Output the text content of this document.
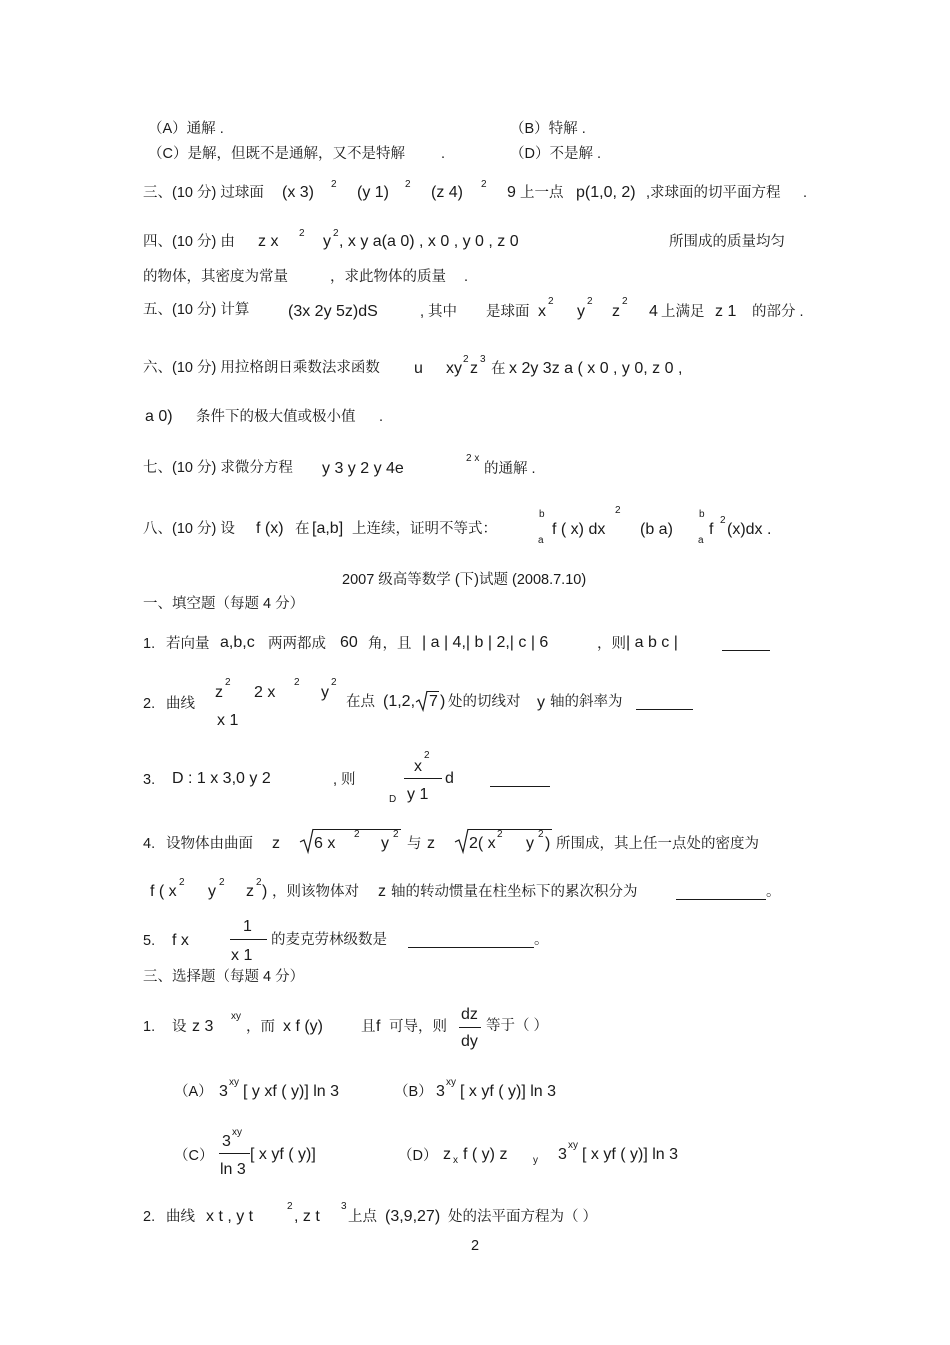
（A）通解 .	（B）特解 .
（C）是解，但既不是通解，又不是特解 .	（D）不是解 .
三、(10 分) 过球面 (x 3) 2 (y 1) 2 (z 4) 2 9 上一点 p(1,0, 2) ,求球面的切平面方程 .
四、(10 分) 由 z x 2 y 2 , x y a(a 0) , x 0 , y 0 , z 0	所围成的质量均匀
的物体，其密度为常量	，求此物体的质量 .
五、(10 分) 计算 (3x 2y 5z)dS	, 其中 是球面 x
2
y
2
z
2
4 上满足 z 1 的部分 .
六、(10 分) 用拉格朗日乘数法求函数 u xy
2
z
3
在 x 2y 3z a ( x 0 , y 0, z 0 ,
a 0) 条件下的极大值或极小值 .
七、(10 分) 求微分方程 y 3 y 2 y 4e
2 x
的通解 .
八、(10 分) 设 f (x) 在 [a,b] 上连续，证明不等式：
b
a
f ( x) dx
2
(b a)
b
a
f
2
(x)dx .
2007 级高等数学 (下)试题 (2008.7.10)
一、填空题（每题 4 分）
1. 若向量 a,b,c 两两都成 60 角，且 | a | 4,| b | 2,| c | 6	，则 | a b c |
2. 曲线
z
2
2 x
2
y
2
x 1
在点 (1,2, 7 ) 处的切线对 y 轴的斜率为
3. D : 1 x 3,0 y 2	, 则
D
x
2
y 1
d
4. 设物体由曲面 z 6 x
2
y
2
与 z 2( x
2
y
2
) 所围成，其上任一点处的密度为
f ( x
2
y
2
z
2
) ，则该物体对 z 轴的转动惯量在柱坐标下的累次积分为	。
5. f x
1
x 1
的麦克劳林级数是	。
三、选择题（每题 4 分）
1. 设 z 3
xy
，而 x f (y)	且 f 可导，则
dz
dy
等于（ ）
（A） 3
xy
[ y xf ( y)] ln 3	（B） 3
xy
[ x yf ( y)] ln 3
（C）
3
xy
ln 3
[ x yf ( y)]	（D） z x f ( y) z	y 3
xy
[ x yf ( y)] ln 3
2. 曲线 x t , y t
2
, z t
3
上点 (3,9,27) 处的法平面方程为（ ）
2
